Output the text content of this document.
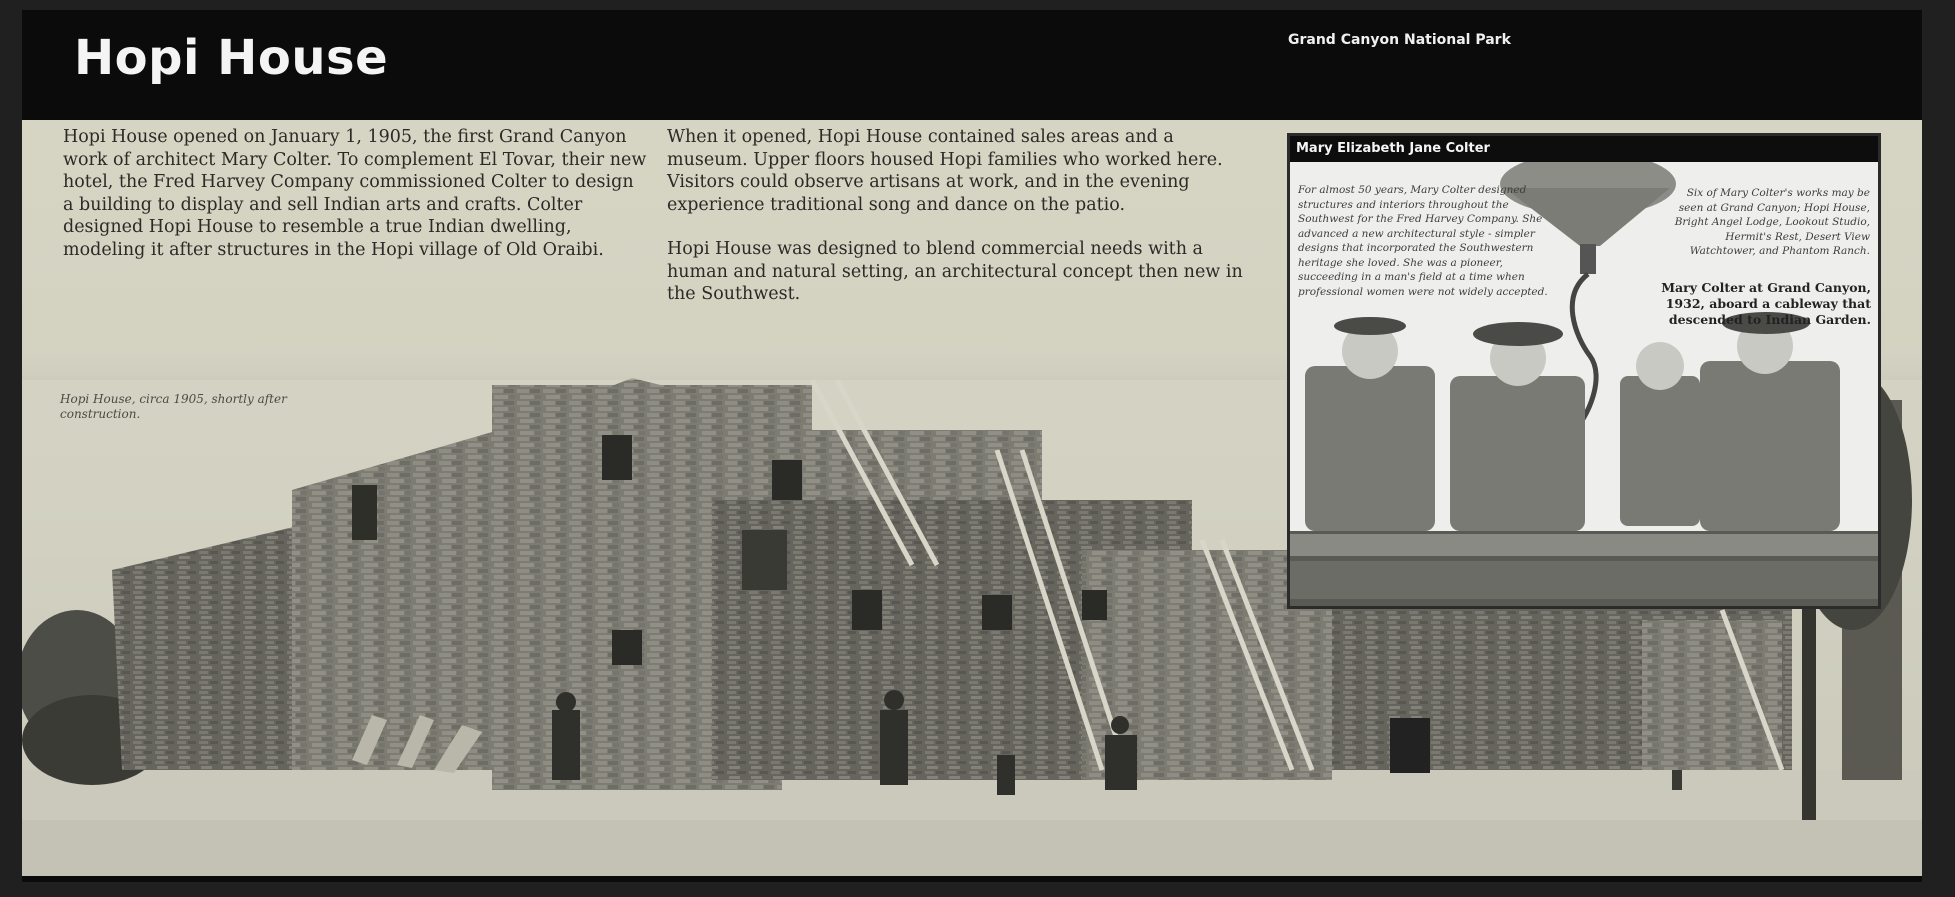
Hopi House	Grand Canyon National Park
Hopi House opened on January 1, 1905, the first Grand Canyon work of architect Mary Colter. To complement El Tovar, their new hotel, the Fred Harvey Company commissioned Colter to design a building to display and sell Indian arts and crafts. Colter designed Hopi House to resemble a true Indian dwelling, modeling it after structures in the Hopi village of Old Oraibi.

When it opened, Hopi House contained sales areas and a museum. Upper floors housed Hopi families who worked here. Visitors could observe artisans at work, and in the evening experience traditional song and dance on the patio.

Hopi House was designed to blend commercial needs with a human and natural setting, an architectural concept then new in the Southwest.

Hopi House, circa 1905, shortly after construction.
Mary Elizabeth Jane Colter
For almost 50 years, Mary Colter designed structures and interiors throughout the Southwest for the Fred Harvey Company. She advanced a new architectural style - simpler designs that incorporated the Southwestern heritage she loved. She was a pioneer, succeeding in a man's field at a time when professional women were not widely accepted.
Six of Mary Colter's works may be seen at Grand Canyon; Hopi House, Bright Angel Lodge, Lookout Studio, Hermit's Rest, Desert View Watchtower, and Phantom Ranch.
Mary Colter at Grand Canyon, 1932, aboard a cableway that descended to Indian Garden.
